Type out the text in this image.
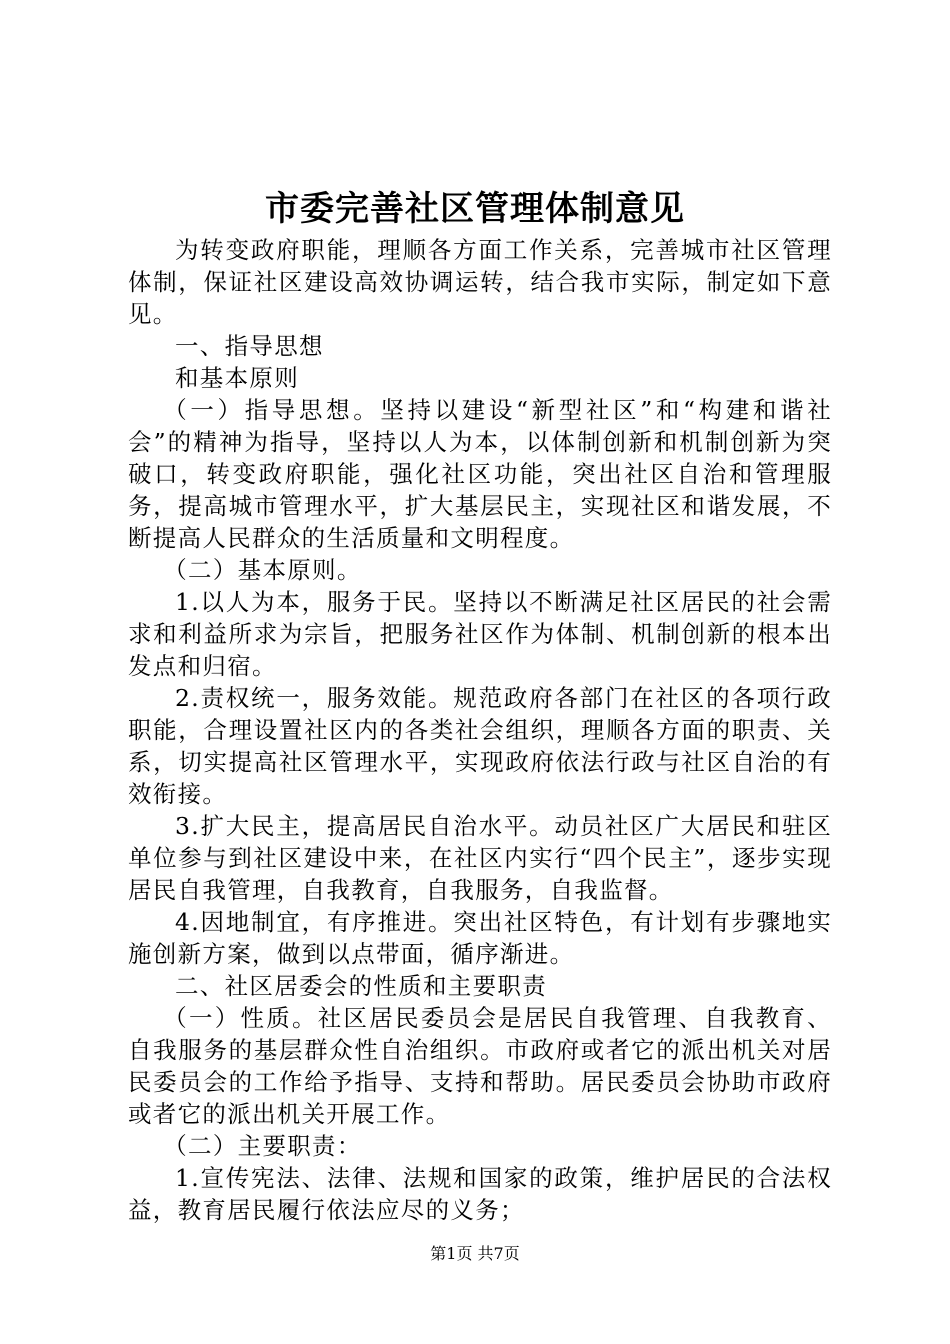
市委完善社区管理体制意见

为转变政府职能，理顺各方面工作关系，完善城市社区管理体制，保证社区建设高效协调运转，结合我市实际，制定如下意见。

一、指导思想

和基本原则

（一）指导思想。坚持以建设“新型社区”和“构建和谐社会”的精神为指导，坚持以人为本，以体制创新和机制创新为突破口，转变政府职能，强化社区功能，突出社区自治和管理服务，提高城市管理水平，扩大基层民主，实现社区和谐发展，不断提高人民群众的生活质量和文明程度。

（二）基本原则。

1.以人为本，服务于民。坚持以不断满足社区居民的社会需求和利益所求为宗旨，把服务社区作为体制、机制创新的根本出发点和归宿。

2.责权统一，服务效能。规范政府各部门在社区的各项行政职能，合理设置社区内的各类社会组织，理顺各方面的职责、关系，切实提高社区管理水平，实现政府依法行政与社区自治的有效衔接。

3.扩大民主，提高居民自治水平。动员社区广大居民和驻区单位参与到社区建设中来，在社区内实行“四个民主”，逐步实现居民自我管理，自我教育，自我服务，自我监督。

4.因地制宜，有序推进。突出社区特色，有计划有步骤地实施创新方案，做到以点带面，循序渐进。

二、社区居委会的性质和主要职责

（一）性质。社区居民委员会是居民自我管理、自我教育、自我服务的基层群众性自治组织。市政府或者它的派出机关对居民委员会的工作给予指导、支持和帮助。居民委员会协助市政府或者它的派出机关开展工作。

（二）主要职责：

1.宣传宪法、法律、法规和国家的政策，维护居民的合法权益，教育居民履行依法应尽的义务；

第1页 共7页
